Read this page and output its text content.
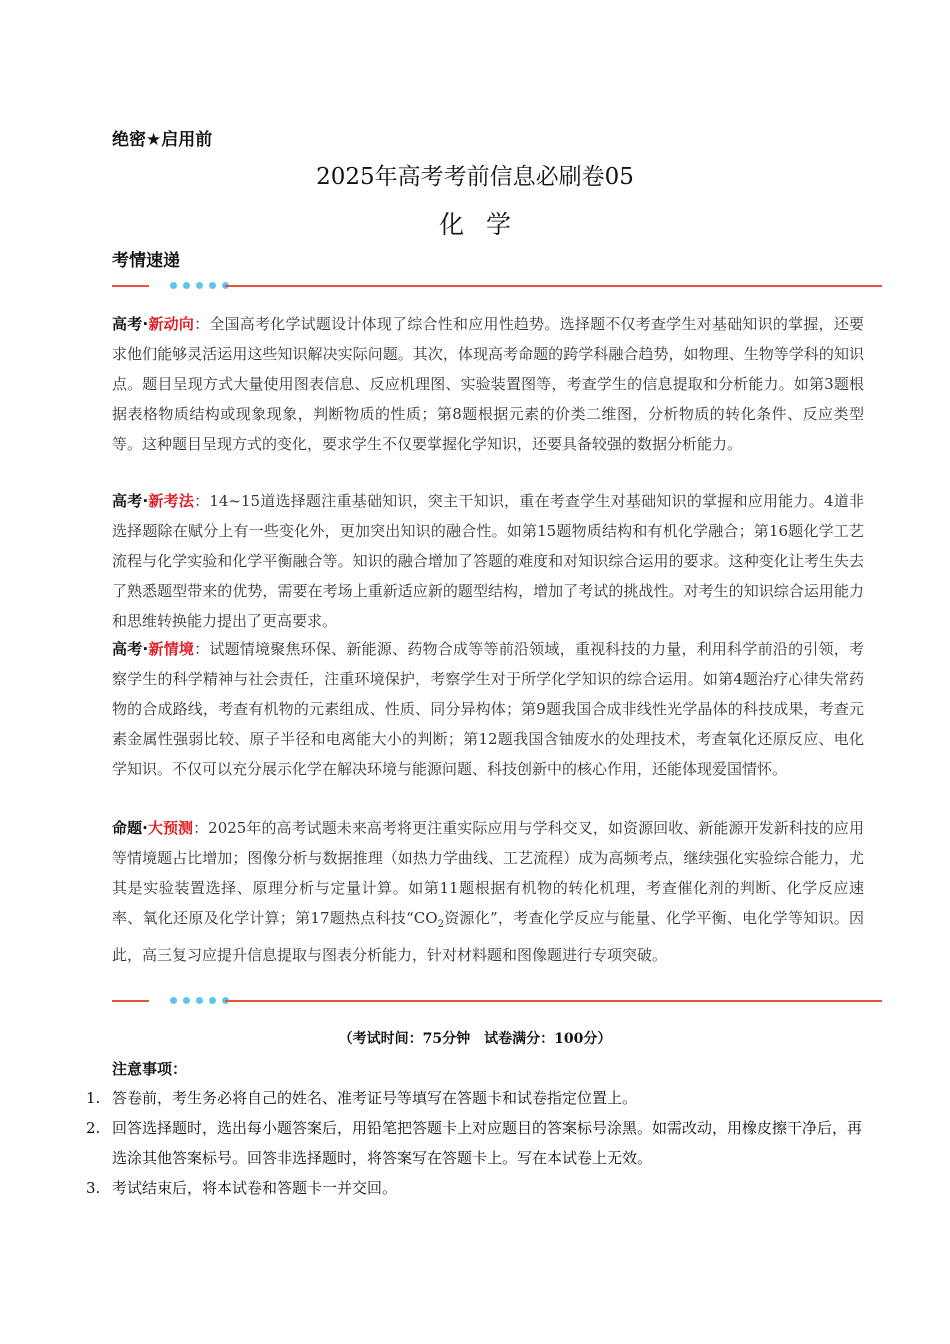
绝密★启用前
2025年高考考前信息必刷卷05
化学
考情速递
高考·新动向：全国高考化学试题设计体现了综合性和应用性趋势。选择题不仅考查学生对基础知识的掌握，还要求他们能够灵活运用这些知识解决实际问题。其次，体现高考命题的跨学科融合趋势，如物理、生物等学科的知识点。题目呈现方式大量使用图表信息、反应机理图、实验装置图等，考查学生的信息提取和分析能力。如第3题根据表格物质结构或现象现象，判断物质的性质；第8题根据元素的价类二维图，分析物质的转化条件、反应类型等。这种题目呈现方式的变化，要求学生不仅要掌握化学知识，还要具备较强的数据分析能力。
高考·新考法：14~15道选择题注重基础知识，突主干知识，重在考查学生对基础知识的掌握和应用能力。4道非选择题除在赋分上有一些变化外，更加突出知识的融合性。如第15题物质结构和有机化学融合；第16题化学工艺流程与化学实验和化学平衡融合等。知识的融合增加了答题的难度和对知识综合运用的要求。这种变化让考生失去了熟悉题型带来的优势，需要在考场上重新适应新的题型结构，增加了考试的挑战性。对考生的知识综合运用能力和思维转换能力提出了更高要求。
高考·新情境：试题情境聚焦环保、新能源、药物合成等等前沿领域，重视科技的力量，利用科学前沿的引领，考察学生的科学精神与社会责任，注重环境保护，考察学生对于所学化学知识的综合运用。如第4题治疗心律失常药物的合成路线，考查有机物的元素组成、性质、同分异构体；第9题我国合成非线性光学晶体的科技成果，考查元素金属性强弱比较、原子半径和电离能大小的判断；第12题我国含铀废水的处理技术，考查氧化还原反应、电化学知识。不仅可以充分展示化学在解决环境与能源问题、科技创新中的核心作用，还能体现爱国情怀。
命题·大预测：2025年的高考试题未来高考将更注重实际应用与学科交叉，如资源回收、新能源开发新科技的应用等情境题占比增加；图像分析与数据推理（如热力学曲线、工艺流程）成为高频考点，继续强化实验综合能力，尤其是实验装置选择、原理分析与定量计算。如第11题根据有机物的转化机理，考查催化剂的判断、化学反应速率、氧化还原及化学计算；第17题热点科技“$CO_2$资源化”，考查化学反应与能量、化学平衡、电化学等知识。因此，高三复习应提升信息提取与图表分析能力，针对材料题和图像题进行专项突破。
（考试时间：75分钟　试卷满分：100分）
注意事项：
1. 答卷前，考生务必将自己的姓名、准考证号等填写在答题卡和试卷指定位置上。
2. 回答选择题时，选出每小题答案后，用铅笔把答题卡上对应题目的答案标号涂黑。如需改动，用橡皮擦干净后，再选涂其他答案标号。回答非选择题时，将答案写在答题卡上。写在本试卷上无效。
3. 考试结束后，将本试卷和答题卡一并交回。
